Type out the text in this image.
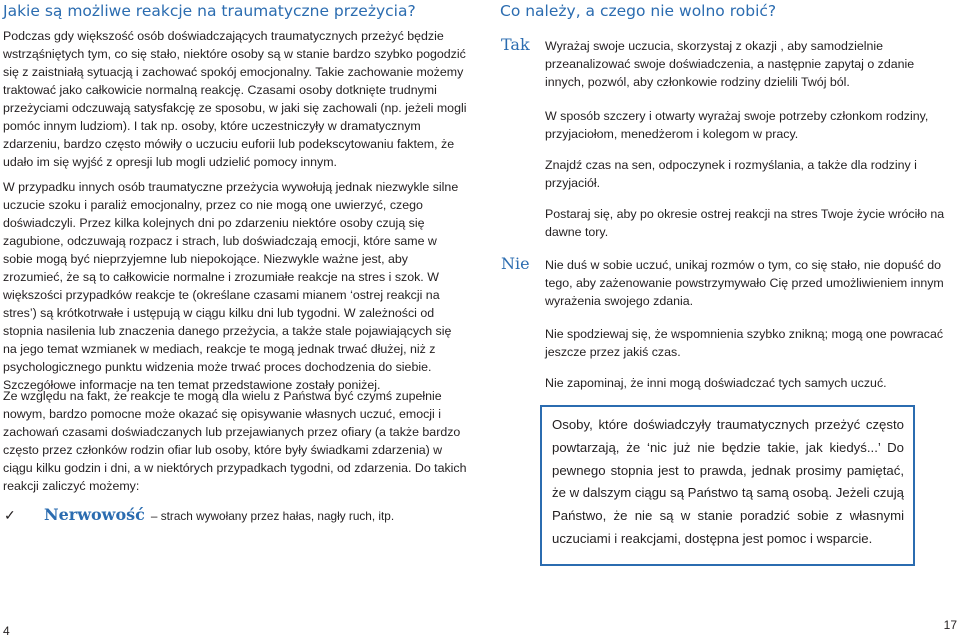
Jakie są możliwe reakcje na traumatyczne przeżycia?

Podczas gdy większość osób doświadczających traumatycznych przeżyć będzie wstrząśniętych tym, co się stało, niektóre osoby są w stanie bardzo szybko pogodzić się z zaistniałą sytuacją i zachować spokój emocjonalny. Takie zachowanie możemy traktować jako całkowicie normalną reakcję. Czasami osoby dotknięte trudnymi przeżyciami odczuwają satysfakcję ze sposobu, w jaki się zachowali (np. jeżeli mogli pomóc innym ludziom). I tak np. osoby, które uczestniczyły w dramatycznym zdarzeniu, bardzo często mówiły o uczuciu euforii lub podekscytowaniu faktem, że udało im się wyjść z opresji lub mogli udzielić pomocy innym.

W przypadku innych osób traumatyczne przeżycia wywołują jednak niezwykle silne uczucie szoku i paraliż emocjonalny, przez co nie mogą one uwierzyć, czego doświadczyli. Przez kilka kolejnych dni po zdarzeniu niektóre osoby czują się zagubione, odczuwają rozpacz i strach, lub doświadczają emocji, które same w sobie mogą być nieprzyjemne lub niepokojące. Niezwykle ważne jest, aby zrozumieć, że są to całkowicie normalne i zrozumiałe reakcje na stres i szok. W większości przypadków reakcje te (określane czasami mianem ‘ostrej reakcji na stres’) są krótkotrwałe i ustępują w ciągu kilku dni lub tygodni. W zależności od stopnia nasilenia lub znaczenia danego przeżycia, a także stale pojawiających się na jego temat wzmianek w mediach, reakcje te mogą jednak trwać dłużej, niż z psychologicznego punktu widzenia może trwać proces dochodzenia do siebie. Szczegółowe informacje na ten temat przedstawione zostały poniżej.

Ze względu na fakt, że reakcje te mogą dla wielu z Państwa być czymś zupełnie nowym, bardzo pomocne może okazać się opisywanie własnych uczuć, emocji i zachowań czasami doświadczanych lub przejawianych przez ofiary (a także bardzo często przez członków rodzin ofiar lub osoby, które były świadkami zdarzenia) w ciągu kilku godzin i dni, a w niektórych przypadkach tygodni, od zdarzenia. Do takich reakcji zaliczyć możemy:

✓	Nerwowość – strach wywołany przez hałas, nagły ruch, itp.
Co należy, a czego nie wolno robić?
Tak Wyrażaj swoje uczucia, skorzystaj z okazji , aby samodzielnie przeanalizować swoje doświadczenia, a następnie zapytaj o zdanie innych, pozwól, aby członkowie rodziny dzielili Twój ból.

W sposób szczery i otwarty wyrażaj swoje potrzeby członkom rodziny, przyjaciołom, menedżerom i kolegom w pracy.

Znajdź czas na sen, odpoczynek i rozmyślania, a także dla rodziny i przyjaciół.

Postaraj się, aby po okresie ostrej reakcji na stres Twoje życie wróciło na dawne tory.

Nie Nie duś w sobie uczuć, unikaj rozmów o tym, co się stało, nie dopuść do tego, aby zażenowanie powstrzymywało Cię przed umożliwieniem innym wyrażenia swojego zdania.

Nie spodziewaj się, że wspomnienia szybko znikną; mogą one powracać jeszcze przez jakiś czas.

Nie zapominaj, że inni mogą doświadczać tych samych uczuć.

Osoby, które doświadczyły traumatycznych przeżyć często powtarzają, że ‘nic już nie będzie takie, jak kiedyś...’ Do pewnego stopnia jest to prawda, jednak prosimy pamiętać, że w dalszym ciągu są Państwo tą samą osobą. Jeżeli czują Państwo, że nie są w stanie poradzić sobie z własnymi uczuciami i reakcjami, dostępna jest pomoc i wsparcie.

4	17
